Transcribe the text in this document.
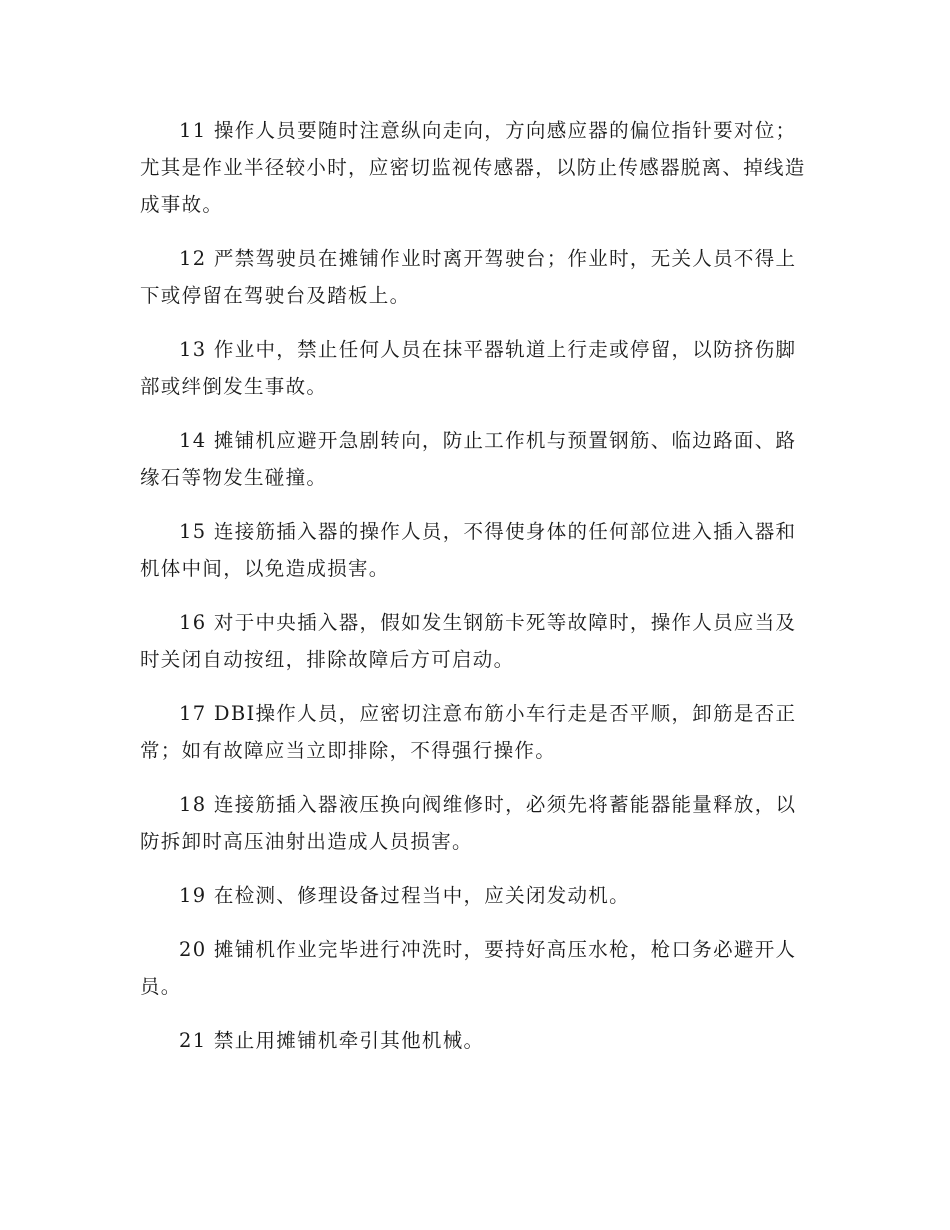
11 操作人员要随时注意纵向走向，方向感应器的偏位指针要对位；尤其是作业半径较小时，应密切监视传感器，以防止传感器脱离、掉线造成事故。

12 严禁驾驶员在摊铺作业时离开驾驶台；作业时，无关人员不得上下或停留在驾驶台及踏板上。

13 作业中，禁止任何人员在抹平器轨道上行走或停留，以防挤伤脚部或绊倒发生事故。

14 摊铺机应避开急剧转向，防止工作机与预置钢筋、临边路面、路缘石等物发生碰撞。

15 连接筋插入器的操作人员，不得使身体的任何部位进入插入器和机体中间，以免造成损害。

16 对于中央插入器，假如发生钢筋卡死等故障时，操作人员应当及时关闭自动按纽，排除故障后方可启动。

17 DBI操作人员，应密切注意布筋小车行走是否平顺，卸筋是否正常；如有故障应当立即排除，不得强行操作。

18 连接筋插入器液压换向阀维修时，必须先将蓄能器能量释放，以防拆卸时高压油射出造成人员损害。

19 在检测、修理设备过程当中，应关闭发动机。

20 摊铺机作业完毕进行冲洗时，要持好高压水枪，枪口务必避开人员。

21 禁止用摊铺机牵引其他机械。
